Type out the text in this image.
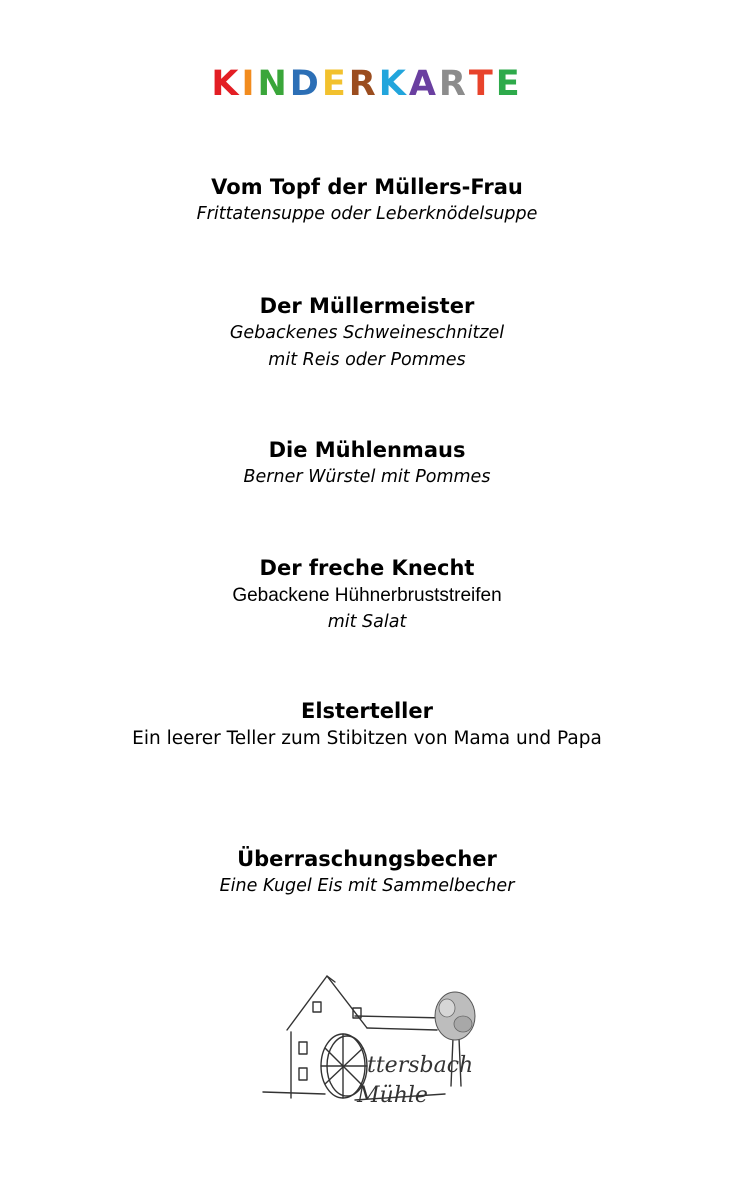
KINDERKARTE
Vom Topf der Müllers-Frau
Frittatensuppe oder Leberknödelsuppe
Der Müllermeister
Gebackenes Schweineschnitzel
mit Reis oder Pommes
Die Mühlenmaus
Berner Würstel mit Pommes
Der freche Knecht
Gebackene Hühnerbruststreifen
mit Salat
Elsterteller
Ein leerer Teller zum Stibitzen von Mama und Papa
Überraschungsbecher
Eine Kugel Eis mit Sammelbecher
ttersbach
Mühle
